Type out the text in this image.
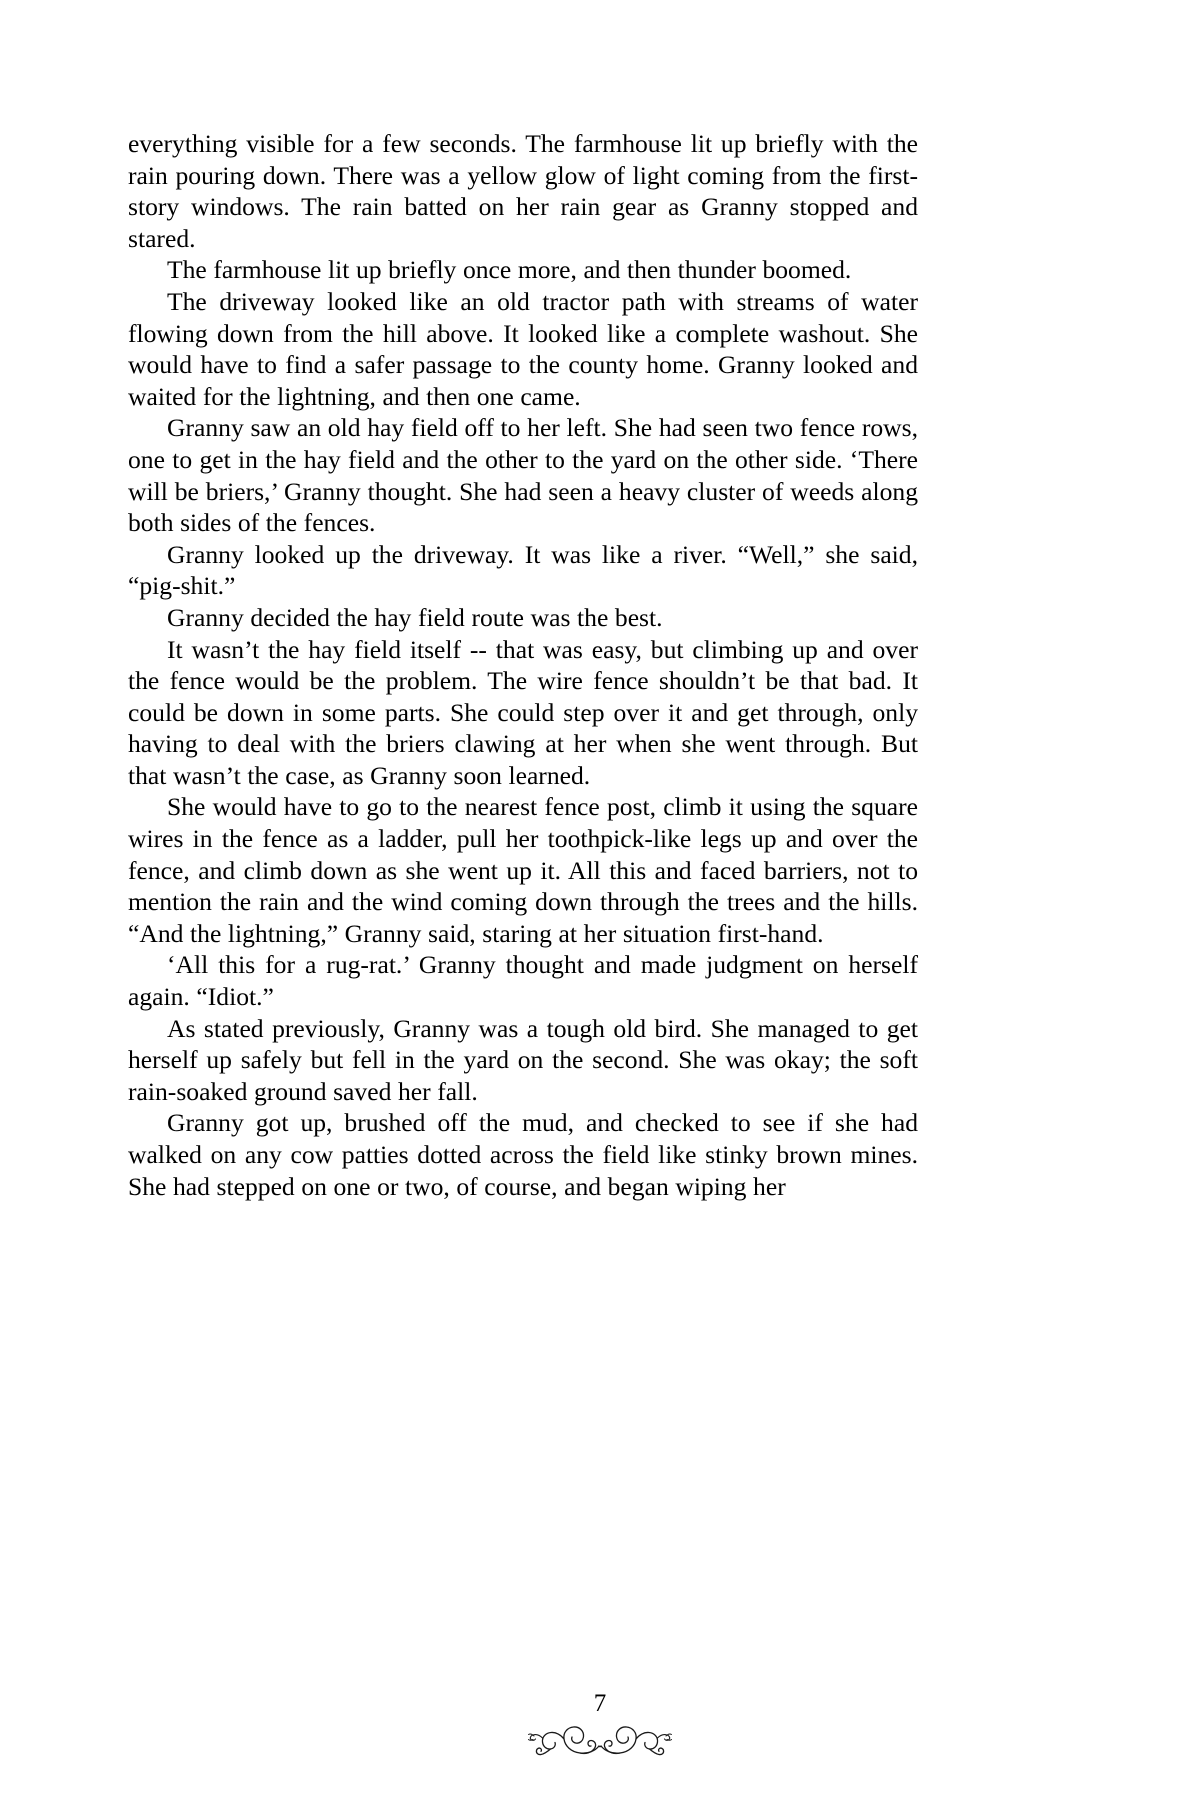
everything visible for a few seconds. The farmhouse lit up briefly with the rain pouring down. There was a yellow glow of light coming from the first-story windows. The rain batted on her rain gear as Granny stopped and stared.

The farmhouse lit up briefly once more, and then thunder boomed.

The driveway looked like an old tractor path with streams of water flowing down from the hill above. It looked like a complete washout. She would have to find a safer passage to the county home. Granny looked and waited for the lightning, and then one came.

Granny saw an old hay field off to her left. She had seen two fence rows, one to get in the hay field and the other to the yard on the other side. ‘There will be briers,’ Granny thought. She had seen a heavy cluster of weeds along both sides of the fences.

Granny looked up the driveway. It was like a river. “Well,” she said, “pig-shit.”

Granny decided the hay field route was the best.

It wasn’t the hay field itself -- that was easy, but climbing up and over the fence would be the problem. The wire fence shouldn’t be that bad. It could be down in some parts. She could step over it and get through, only having to deal with the briers clawing at her when she went through. But that wasn’t the case, as Granny soon learned.

She would have to go to the nearest fence post, climb it using the square wires in the fence as a ladder, pull her toothpick-like legs up and over the fence, and climb down as she went up it. All this and faced barriers, not to mention the rain and the wind coming down through the trees and the hills. “And the lightning,” Granny said, staring at her situation first-hand.

‘All this for a rug-rat.’ Granny thought and made judgment on herself again. “Idiot.”

As stated previously, Granny was a tough old bird. She managed to get herself up safely but fell in the yard on the second. She was okay; the soft rain-soaked ground saved her fall.

Granny got up, brushed off the mud, and checked to see if she had walked on any cow patties dotted across the field like stinky brown mines. She had stepped on one or two, of course, and began wiping her

7
